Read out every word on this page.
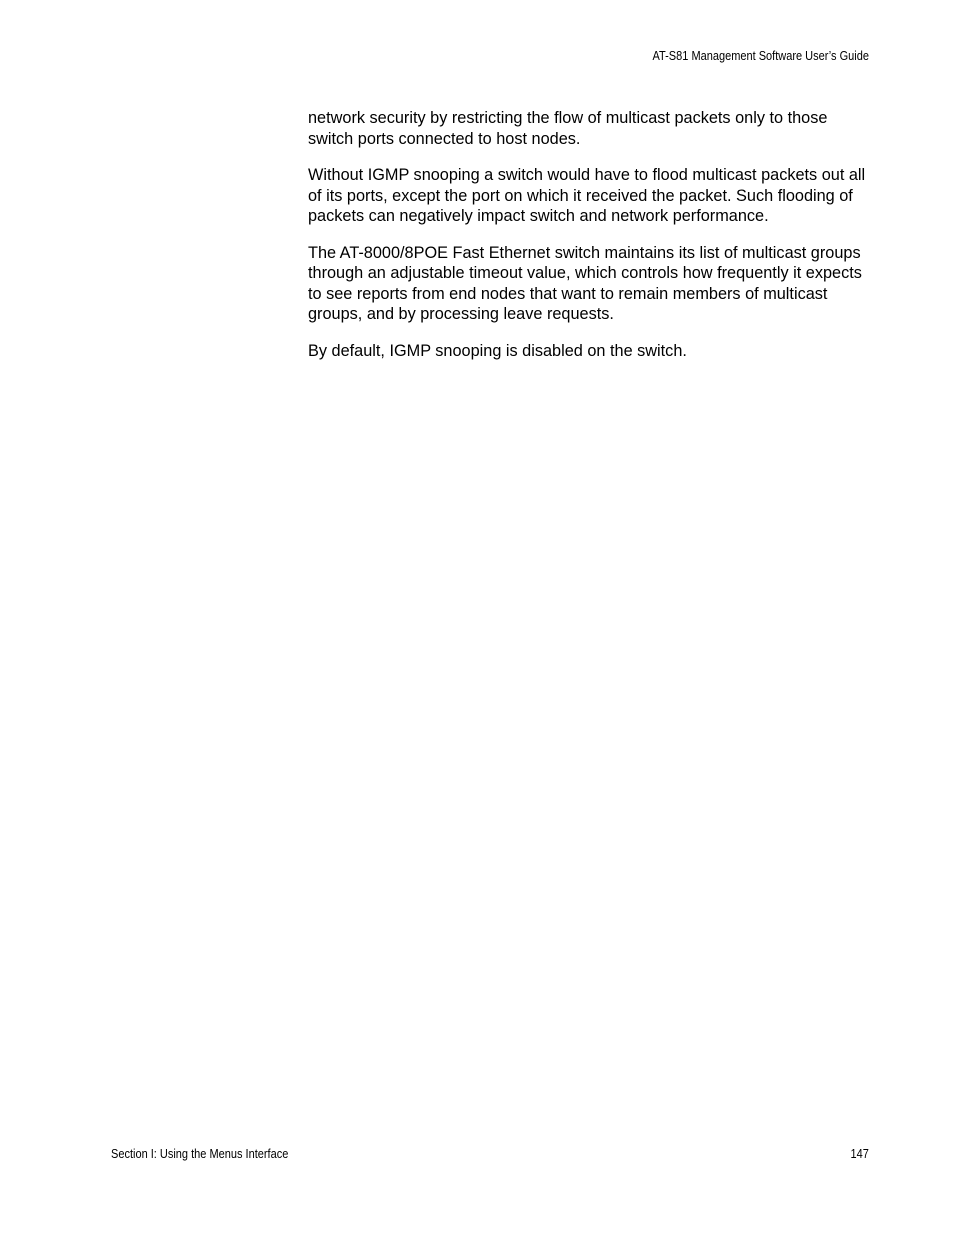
AT-S81 Management Software User’s Guide

network security by restricting the flow of multicast packets only to those switch ports connected to host nodes.

Without IGMP snooping a switch would have to flood multicast packets out all of its ports, except the port on which it received the packet. Such flooding of packets can negatively impact switch and network performance.

The AT-8000/8POE Fast Ethernet switch maintains its list of multicast groups through an adjustable timeout value, which controls how frequently it expects to see reports from end nodes that want to remain members of multicast groups, and by processing leave requests.

By default, IGMP snooping is disabled on the switch.

Section I: Using the Menus Interface	147
